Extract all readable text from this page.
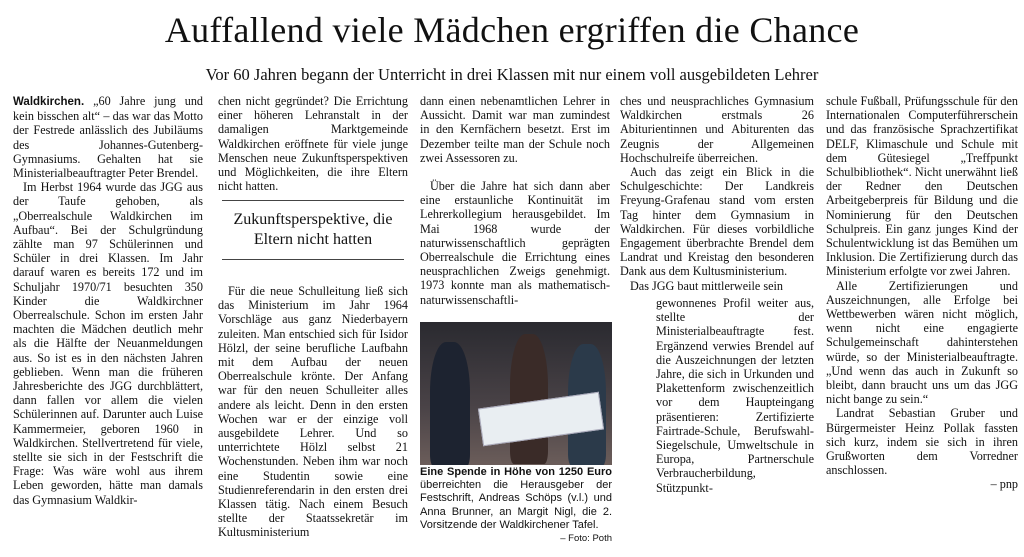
Auffallend viele Mädchen ergriffen die Chance
Vor 60 Jahren begann der Unterricht in drei Klassen mit nur einem voll ausgebildeten Lehrer

Waldkirchen. „60 Jahre jung und kein bisschen alt“ – das war das Motto der Festrede anlässlich des Jubiläums des Johannes-Gutenberg-Gymnasiums. Gehalten hat sie Ministerialbeauftragter Peter Brendel.

Im Herbst 1964 wurde das JGG aus der Taufe gehoben, als „Oberrealschule Waldkirchen im Aufbau“. Bei der Schulgründung zählte man 97 Schülerinnen und Schüler in drei Klassen. Im Jahr darauf waren es bereits 172 und im Schuljahr 1970/71 besuchten 350 Kinder die Waldkirchner Oberrealschule. Schon im ersten Jahr machten die Mädchen deutlich mehr als die Hälfte der Neuanmeldungen aus. So ist es in den nächsten Jahren geblieben. Wenn man die früheren Jahresberichte des JGG durchblättert, dann fallen vor allem die vielen Schülerinnen auf. Darunter auch Luise Kammermeier, geboren 1960 in Waldkirchen. Stellvertretend für viele, stellte sie sich in der Festschrift die Frage: Was wäre wohl aus ihrem Leben geworden, hätte man damals das Gymnasium Waldkir-

chen nicht gegründet? Die Errichtung einer höheren Lehranstalt in der damaligen Marktgemeinde Waldkirchen eröffnete für viele junge Menschen neue Zukunftsperspektiven und Möglichkeiten, die ihre Eltern nicht hatten.

Zukunftsperspektive, die Eltern nicht hatten

Für die neue Schulleitung ließ sich das Ministerium im Jahr 1964 Vorschläge aus ganz Niederbayern zuleiten. Man entschied sich für Isidor Hölzl, der seine berufliche Laufbahn mit dem Aufbau der neuen Oberrealschule krönte. Der Anfang war für den neuen Schulleiter alles andere als leicht. Denn in den ersten Wochen war er der einzige voll ausgebildete Lehrer. Und so unterrichtete Hölzl selbst 21 Wochenstunden. Neben ihm war noch eine Studentin sowie eine Studienreferendarin in den ersten drei Klassen tätig. Nach einem Besuch stellte der Staatssekretär im Kultusministerium

dann einen nebenamtlichen Lehrer in Aussicht. Damit war man zumindest in den Kernfächern besetzt. Erst im Dezember teilte man der Schule noch zwei Assessoren zu.

Über die Jahre hat sich dann aber eine erstaunliche Kontinuität im Lehrerkollegium herausgebildet. Im Mai 1968 wurde der naturwissenschaftlich geprägten Oberrealschule die Errichtung eines neusprachlichen Zweigs genehmigt. 1973 konnte man als mathematisch-naturwissenschaftli-

Eine Spende in Höhe von 1250 Euro überreichten die Herausgeber der Festschrift, Andreas Schöps (v.l.) und Anna Brunner, an Margit Nigl, die 2. Vorsitzende der Waldkirchener Tafel.
– Foto: Poth

ches und neusprachliches Gymnasium Waldkirchen erstmals 26 Abiturientinnen und Abiturenten das Zeugnis der Allgemeinen Hochschulreife überreichen.

Auch das zeigt ein Blick in die Schulgeschichte: Der Landkreis Freyung-Grafenau stand vom ersten Tag hinter dem Gymnasium in Waldkirchen. Für dieses vorbildliche Engagement überbrachte Brendel dem Landrat und Kreistag den besonderen Dank aus dem Kultusministerium.

Das JGG baut mittlerweile sein

gewonnenes Profil weiter aus, stellte der Ministerialbeauftragte fest. Ergänzend verwies Brendel auf die Auszeichnungen der letzten Jahre, die sich in Urkunden und Plakettenform zwischenzeitlich vor dem Haupteingang präsentieren: Zertifizierte Fairtrade-Schule, Berufswahl-Siegelschule, Umweltschule in Europa, Partnerschule Verbraucherbildung, Stützpunkt-

schule Fußball, Prüfungsschule für den Internationalen Computerführerschein und das französische Sprachzertifikat DELF, Klimaschule und Schule mit dem Gütesiegel „Treffpunkt Schulbibliothek“. Nicht unerwähnt ließ der Redner den Deutschen Arbeitgeberpreis für Bildung und die Nominierung für den Deutschen Schulpreis. Ein ganz junges Kind der Schulentwicklung ist das Bemühen um Inklusion. Die Zertifizierung durch das Ministerium erfolgte vor zwei Jahren.

Alle Zertifizierungen und Auszeichnungen, alle Erfolge bei Wettbewerben wären nicht möglich, wenn nicht eine engagierte Schulgemeinschaft dahinterstehen würde, so der Ministerialbeauftragte. „Und wenn das auch in Zukunft so bleibt, dann braucht uns um das JGG nicht bange zu sein.“

Landrat Sebastian Gruber und Bürgermeister Heinz Pollak fassten sich kurz, indem sie sich in ihren Grußworten dem Vorredner anschlossen.

– pnp
